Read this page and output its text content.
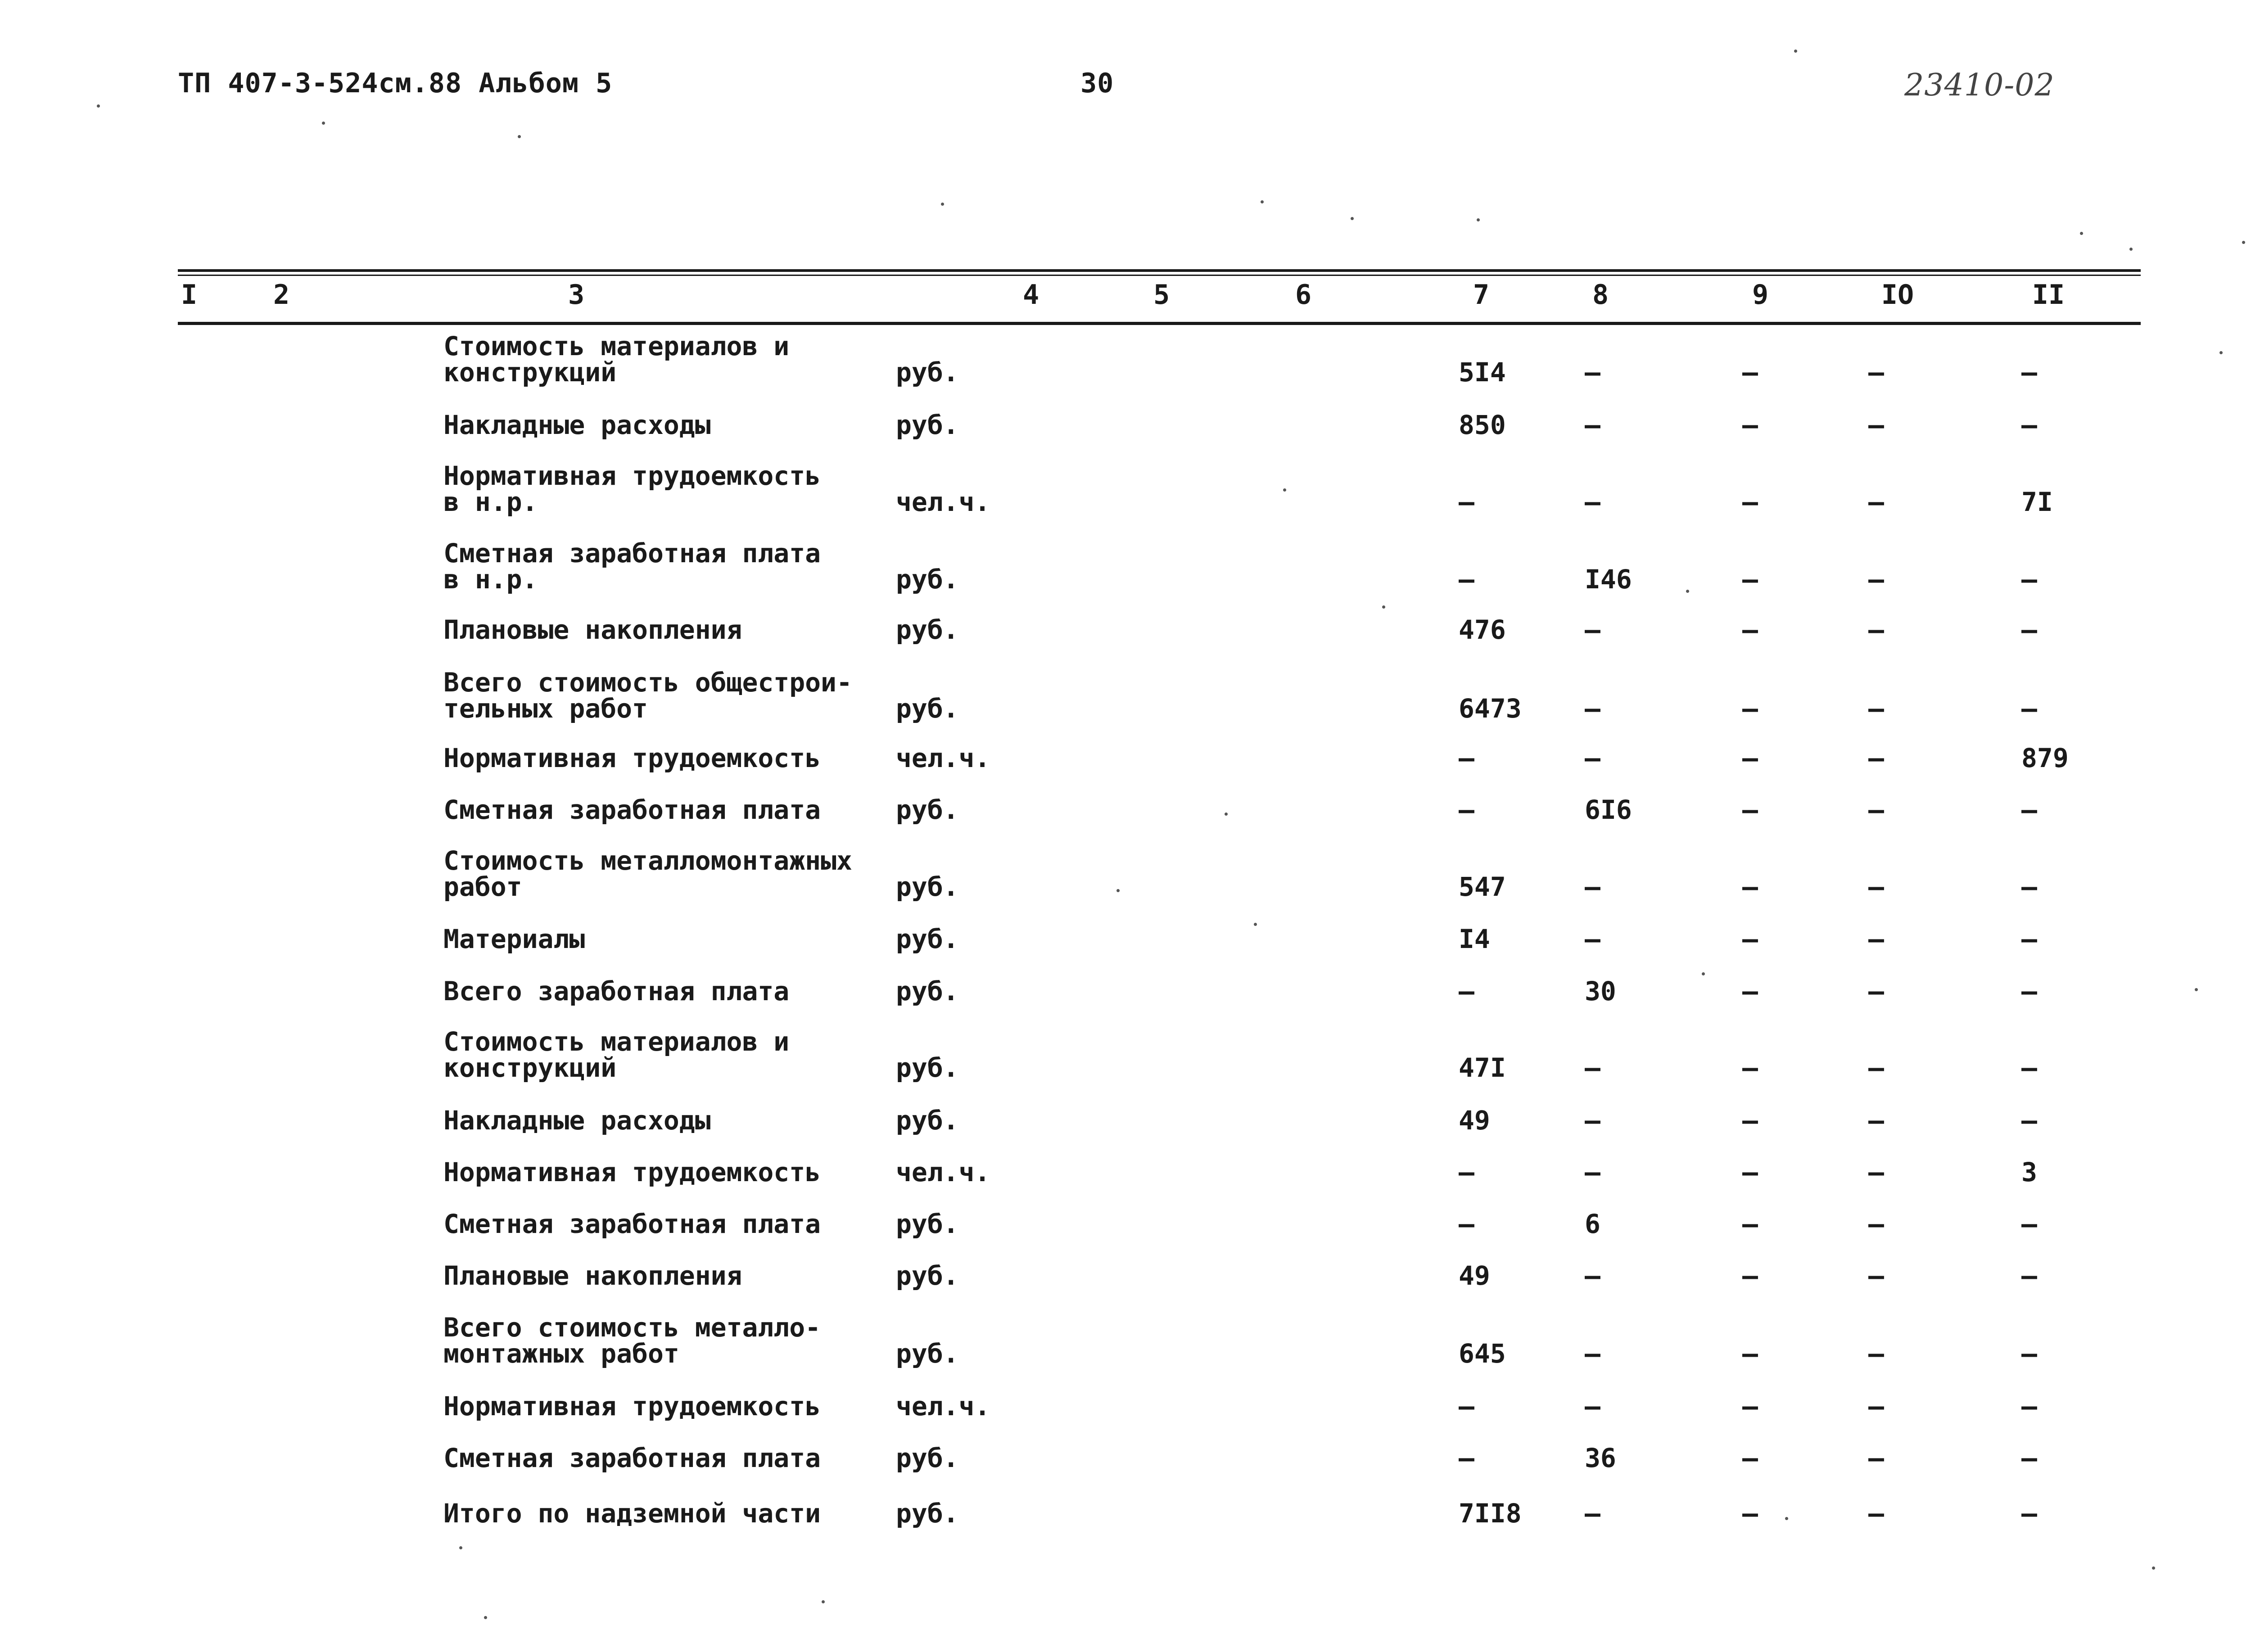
ТП 407-3-524см.88 Альбом 5	30	23410-02
I	2	3	4	5	6	7	8	9	IO	II
Стоимость материалов и
конструкций	руб.	5I4	–	–	–	–
Накладные расходы	руб.	850	–	–	–	–
Нормативная трудоемкость
в н.р.	чел.ч.	–	–	–	–	7I
Сметная заработная плата
в н.р.	руб.	–	I46	–	–	–
Плановые накопления	руб.	476	–	–	–	–
Всего стоимость общестрои-
тельных работ	руб.	6473 –	–	–	–
Нормативная трудоемкость	чел.ч.	–	–	–	–	879
Сметная заработная плата	руб.	–	6I6	–	–	–
Стоимость металломонтажных
работ	руб.	547	–	–	–	–
Материалы	руб.	I4	–	–	–	–
Всего заработная плата	руб.	–	30	–	–	–
Стоимость материалов и
конструкций	руб.	47I	–	–	–	–
Накладные расходы	руб.	49	–	–	–	–
Нормативная трудоемкость	чел.ч.	–	–	–	–	3
Сметная заработная плата	руб.	–	6	–	–	–
Плановые накопления	руб.	49	–	–	–	–
Всего стоимость металло-
монтажных работ	руб.	645	–	–	–	–
Нормативная трудоемкость	чел.ч.	–	–	–	–	–
Сметная заработная плата	руб.	–	36	–	–	–
Итого по надземной части	руб.	7II8 –	–	–	–
